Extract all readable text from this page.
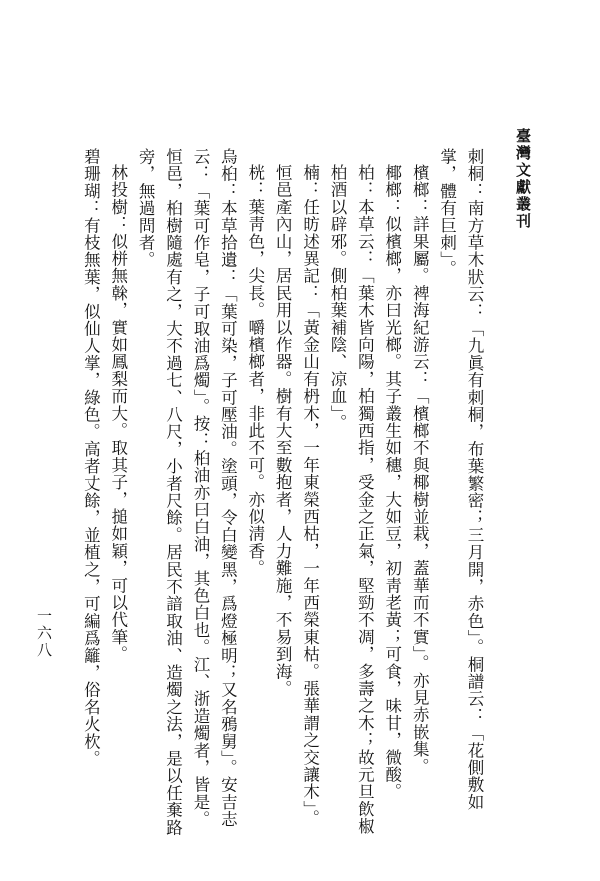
臺灣文獻叢刊

刺桐：南方草木狀云：「九眞有刺桐，布葉繁密；三月開，赤色」。桐譜云：「花側敷如掌，體有巨刺」。

檳榔：詳果屬。裨海紀游云：「檳榔不與椰樹並栽，蓋華而不實」。亦見赤嵌集。

椰榔：似檳榔，亦曰光榔。其子叢生如穗，大如豆，初靑老黃；可食，味甘，微酸。

柏：本草云：「葉木皆向陽，柏獨西指，受金之正氣，堅勁不凋，多壽之木；故元旦飲椒柏酒以辟邪。側柏葉補陰、凉血」。

楠：任昉述異記：「黃金山有枬木，一年東榮西枯，一年西榮東枯。張華謂之交讓木」。恒邑產內山，居民用以作器。樹有大至數抱者，人力難施，不易到海。

桄：葉靑色，尖長。嚼檳榔者，非此不可。亦似淸香。

烏桕：本草拾遺：「葉可染，子可壓油。塗頭，令白變黑，爲燈極明；又名鴉舅」。安吉志云：「葉可作皂，子可取油爲燭」。按：桕油亦曰白油，其色白也。江、浙造燭者，皆是。恒邑，桕樹隨處有之，大不過七、八尺，小者尺餘。居民不諳取油、造燭之法，是以任棄路旁，無過問者。

林投樹：似栟無榦，實如鳳梨而大。取其子，搥如穎，可以代筆。

碧珊瑚：有枝無葉，似仙人掌，綠色。高者丈餘，並植之，可編爲籬，俗名火杴。

一六八
